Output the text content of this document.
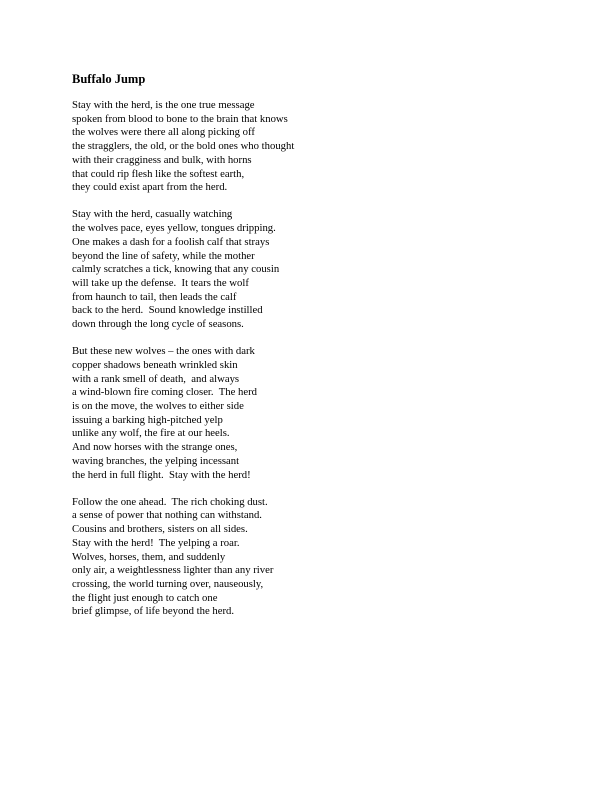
Buffalo Jump
Stay with the herd, is the one true message
spoken from blood to bone to the brain that knows
the wolves were there all along picking off
the stragglers, the old, or the bold ones who thought
with their cragginess and bulk, with horns
that could rip flesh like the softest earth,
they could exist apart from the herd.
Stay with the herd, casually watching
the wolves pace, eyes yellow, tongues dripping.
One makes a dash for a foolish calf that strays
beyond the line of safety, while the mother
calmly scratches a tick, knowing that any cousin
will take up the defense.  It tears the wolf
from haunch to tail, then leads the calf
back to the herd.  Sound knowledge instilled
down through the long cycle of seasons.
But these new wolves – the ones with dark
copper shadows beneath wrinkled skin
with a rank smell of death,  and always
a wind-blown fire coming closer.  The herd
is on the move, the wolves to either side
issuing a barking high-pitched yelp
unlike any wolf, the fire at our heels.
And now horses with the strange ones,
waving branches, the yelping incessant
the herd in full flight.  Stay with the herd!
Follow the one ahead.  The rich choking dust.
a sense of power that nothing can withstand.
Cousins and brothers, sisters on all sides.
Stay with the herd!  The yelping a roar.
Wolves, horses, them, and suddenly
only air, a weightlessness lighter than any river
crossing, the world turning over, nauseously,
the flight just enough to catch one
brief glimpse, of life beyond the herd.
